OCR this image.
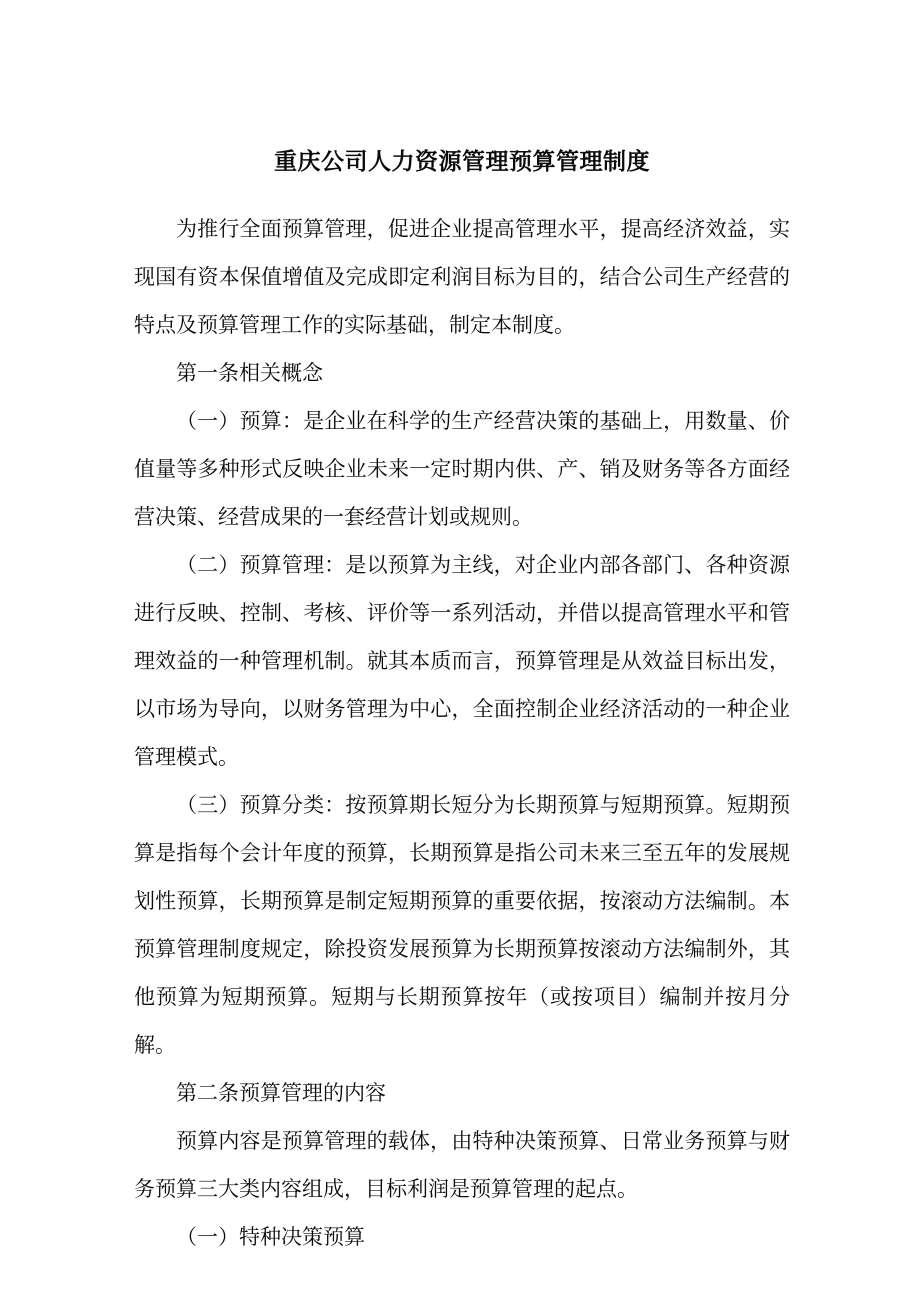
重庆公司人力资源管理预算管理制度

为推行全面预算管理，促进企业提高管理水平，提高经济效益，实现国有资本保值增值及完成即定利润目标为目的，结合公司生产经营的特点及预算管理工作的实际基础，制定本制度。

第一条相关概念

（一）预算：是企业在科学的生产经营决策的基础上，用数量、价值量等多种形式反映企业未来一定时期内供、产、销及财务等各方面经营决策、经营成果的一套经营计划或规则。

（二）预算管理：是以预算为主线，对企业内部各部门、各种资源进行反映、控制、考核、评价等一系列活动，并借以提高管理水平和管理效益的一种管理机制。就其本质而言，预算管理是从效益目标出发，以市场为导向，以财务管理为中心，全面控制企业经济活动的一种企业管理模式。

（三）预算分类：按预算期长短分为长期预算与短期预算。短期预算是指每个会计年度的预算，长期预算是指公司未来三至五年的发展规划性预算，长期预算是制定短期预算的重要依据，按滚动方法编制。本预算管理制度规定，除投资发展预算为长期预算按滚动方法编制外，其他预算为短期预算。短期与长期预算按年（或按项目）编制并按月分解。

第二条预算管理的内容

预算内容是预算管理的载体，由特种决策预算、日常业务预算与财务预算三大类内容组成，目标利润是预算管理的起点。

（一）特种决策预算
